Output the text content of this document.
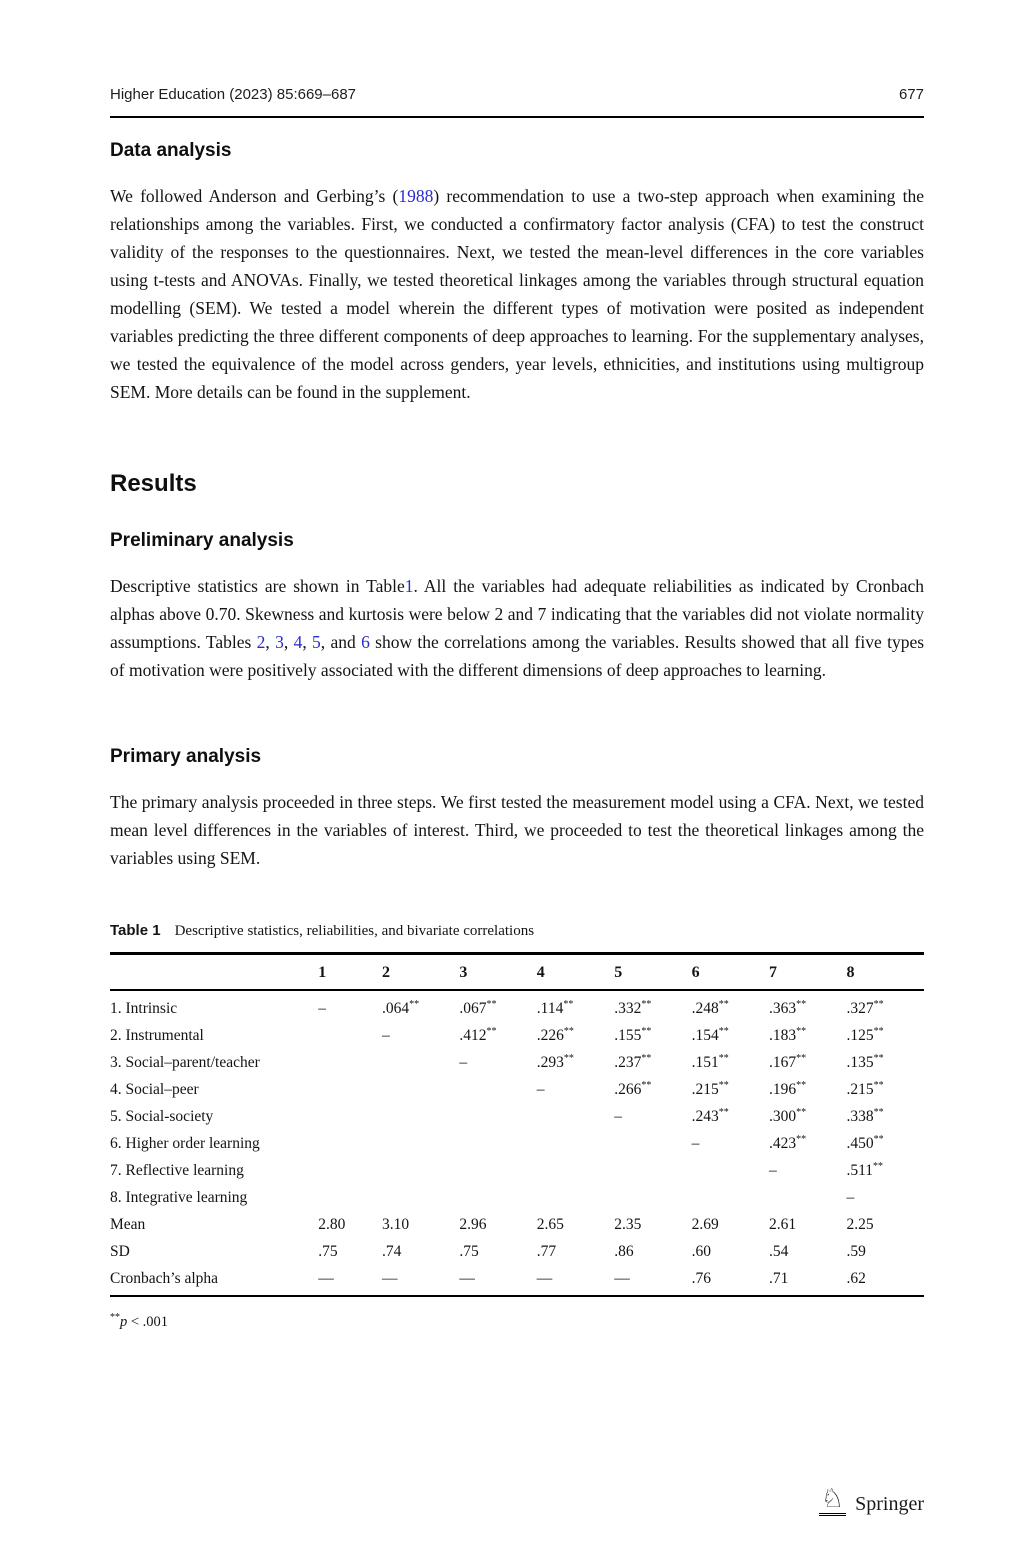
Higher Education (2023) 85:669–687	677
Data analysis

We followed Anderson and Gerbing’s (1988) recommendation to use a two-step approach when examining the relationships among the variables. First, we conducted a confirmatory factor analysis (CFA) to test the construct validity of the responses to the questionnaires. Next, we tested the mean-level differences in the core variables using t-tests and ANOVAs. Finally, we tested theoretical linkages among the variables through structural equation modelling (SEM). We tested a model wherein the different types of motivation were posited as independent variables predicting the three different components of deep approaches to learning. For the supplementary analyses, we tested the equivalence of the model across genders, year levels, ethnicities, and institutions using multigroup SEM. More details can be found in the supplement.

Results
Preliminary analysis

Descriptive statistics are shown in Table1. All the variables had adequate reliabilities as indicated by Cronbach alphas above 0.70. Skewness and kurtosis were below 2 and 7 indicating that the variables did not violate normality assumptions. Tables 2, 3, 4, 5, and 6 show the correlations among the variables. Results showed that all five types of motivation were positively associated with the different dimensions of deep approaches to learning.

Primary analysis

The primary analysis proceeded in three steps. We first tested the measurement model using a CFA. Next, we tested mean level differences in the variables of interest. Third, we proceeded to test the theoretical linkages among the variables using SEM.

Table 1 Descriptive statistics, reliabilities, and bivariate correlations
	1	2	3	4	5	6	7	8
1. Intrinsic	–	.064**	.067**	.114**	.332**	.248**	.363**	.327**
2. Instrumental		–	.412**	.226**	.155**	.154**	.183**	.125**
3. Social–parent/teacher			–	.293**	.237**	.151**	.167**	.135**
4. Social–peer				–	.266**	.215**	.196**	.215**
5. Social-society					–	.243**	.300**	.338**
6. Higher order learning						–	.423**	.450**
7. Reflective learning							–	.511**
8. Integrative learning								–
Mean	2.80	3.10	2.96	2.65	2.35	2.69	2.61	2.25
SD	.75	.74	.75	.77	.86	.60	.54	.59
Cronbach’s alpha	—	—	—	—	—	.76	.71	.62
**p < .001
♘ Springer
